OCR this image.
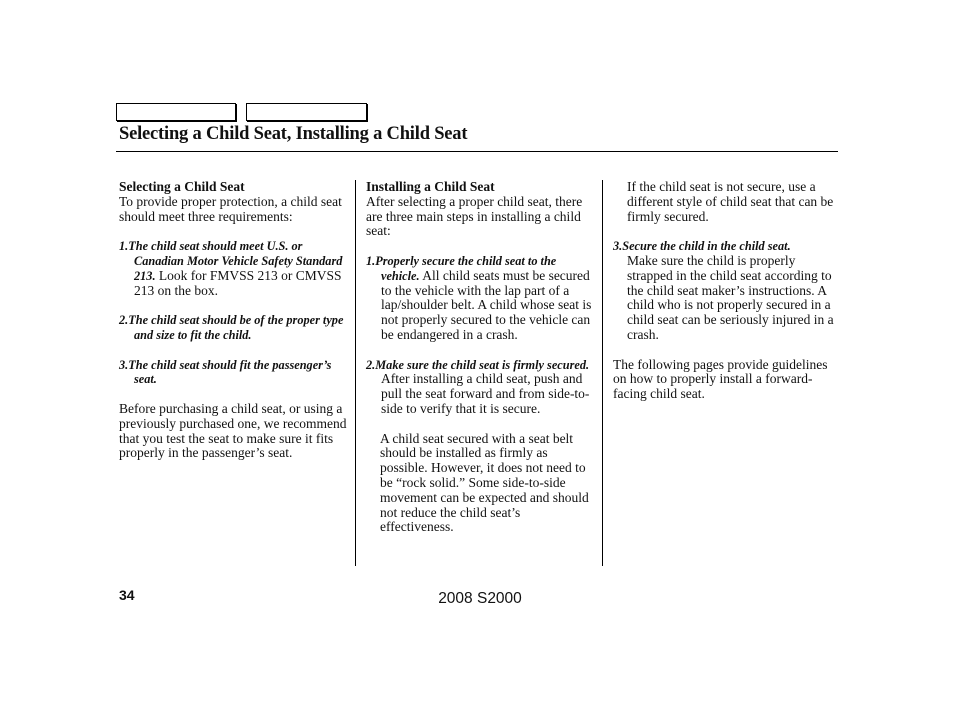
Selecting a Child Seat, Installing a Child Seat

Selecting a Child Seat

To provide proper protection, a child seat should meet three requirements:

1.The child seat should meet U.S. or Canadian Motor Vehicle Safety Standard 213. Look for FMVSS 213 or CMVSS 213 on the box.

2.The child seat should be of the proper type and size to fit the child.

3.The child seat should fit the passenger’s seat.

Before purchasing a child seat, or using a previously purchased one, we recommend that you test the seat to make sure it fits properly in the passenger’s seat.

Installing a Child Seat

After selecting a proper child seat, there are three main steps in installing a child seat:

1.Properly secure the child seat to the vehicle. All child seats must be secured to the vehicle with the lap part of a lap/shoulder belt. A child whose seat is not properly secured to the vehicle can be endangered in a crash.

2.Make sure the child seat is firmly secured. After installing a child seat, push and pull the seat forward and from side-to-side to verify that it is secure.

A child seat secured with a seat belt should be installed as firmly as possible. However, it does not need to be “rock solid.” Some side-to-side movement can be expected and should not reduce the child seat’s effectiveness.

If the child seat is not secure, use a different style of child seat that can be firmly secured.

3.Secure the child in the child seat.

Make sure the child is properly strapped in the child seat according to the child seat maker’s instructions. A child who is not properly secured in a child seat can be seriously injured in a crash.

The following pages provide guidelines on how to properly install a forward-facing child seat.

34	2008 S2000
